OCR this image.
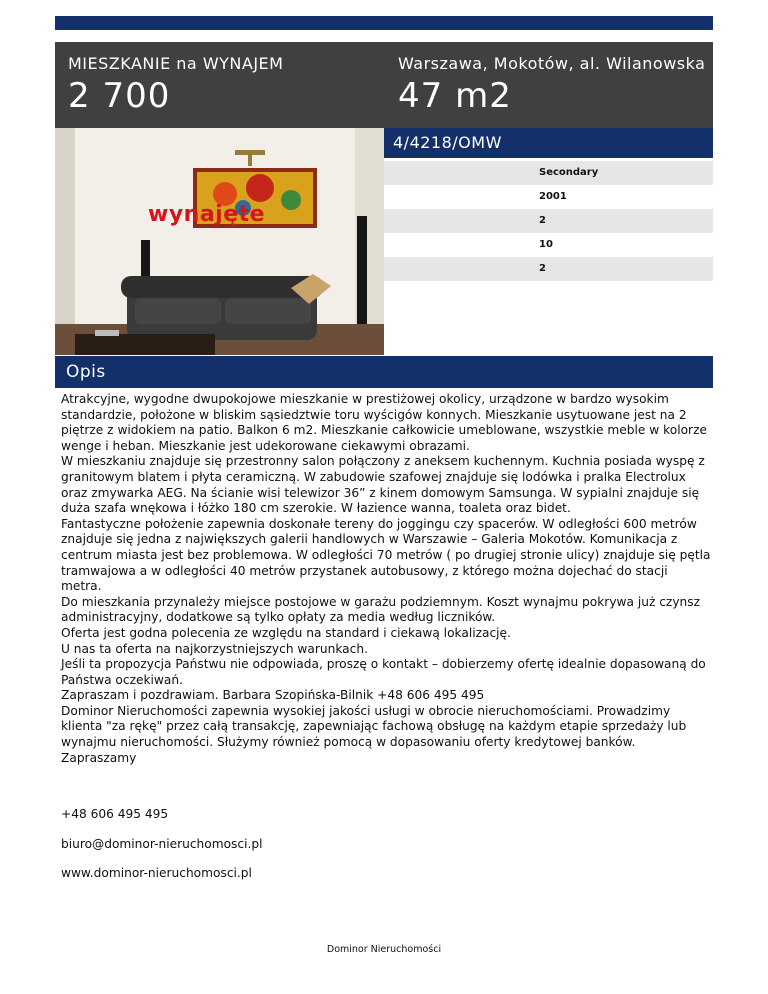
MIESZKANIE na WYNAJEM
2 700
Warszawa, Mokotów, al. Wilanowska
47 m2
wynajęte
4/4218/OMW
Secondary
2001
2
10
2
Opis

Atrakcyjne, wygodne dwupokojowe mieszkanie w prestiżowej okolicy, urządzone w bardzo wysokim standardzie, położone w bliskim sąsiedztwie toru wyścigów konnych. Mieszkanie usytuowane jest na 2 piętrze z widokiem na patio. Balkon 6 m2. Mieszkanie całkowicie umeblowane, wszystkie meble w kolorze wenge i heban. Mieszkanie jest udekorowane ciekawymi obrazami.

W mieszkaniu znajduje się przestronny salon połączony z aneksem kuchennym. Kuchnia posiada wyspę z granitowym blatem i płyta ceramiczną. W zabudowie szafowej znajduje się lodówka i pralka Electrolux oraz zmywarka AEG. Na ścianie wisi telewizor 36” z kinem domowym Samsunga. W sypialni znajduje się duża szafa wnękowa i łóżko 180 cm szerokie. W łazience wanna, toaleta oraz bidet.

Fantastyczne położenie zapewnia doskonałe tereny do joggingu czy spacerów. W odległości 600 metrów znajduje się jedna z największych galerii handlowych w Warszawie – Galeria Mokotów. Komunikacja z centrum miasta jest bez problemowa. W odległości 70 metrów ( po drugiej stronie ulicy) znajduje się pętla tramwajowa a w odległości 40 metrów przystanek autobusowy, z którego można dojechać do stacji metra.

Do mieszkania przynależy miejsce postojowe w garażu podziemnym. Koszt wynajmu pokrywa już czynsz administracyjny, dodatkowe są tylko opłaty za media według liczników.

Oferta jest godna polecenia ze względu na standard i ciekawą lokalizację.

U nas ta oferta na najkorzystniejszych warunkach.

Jeśli ta propozycja Państwu nie odpowiada, proszę o kontakt – dobierzemy ofertę idealnie dopasowaną do Państwa oczekiwań.

Zapraszam i pozdrawiam. Barbara Szopińska-Bilnik +48 606 495 495

Dominor Nieruchomości zapewnia wysokiej jakości usługi w obrocie nieruchomościami. Prowadzimy klienta "za rękę" przez całą transakcję, zapewniając fachową obsługę na każdym etapie sprzedaży lub wynajmu nieruchomości. Służymy również pomocą w dopasowaniu oferty kredytowej banków.

Zapraszamy

+48 606 495 495
biuro@dominor-nieruchomosci.pl
www.dominor-nieruchomosci.pl
Dominor Nieruchomości
